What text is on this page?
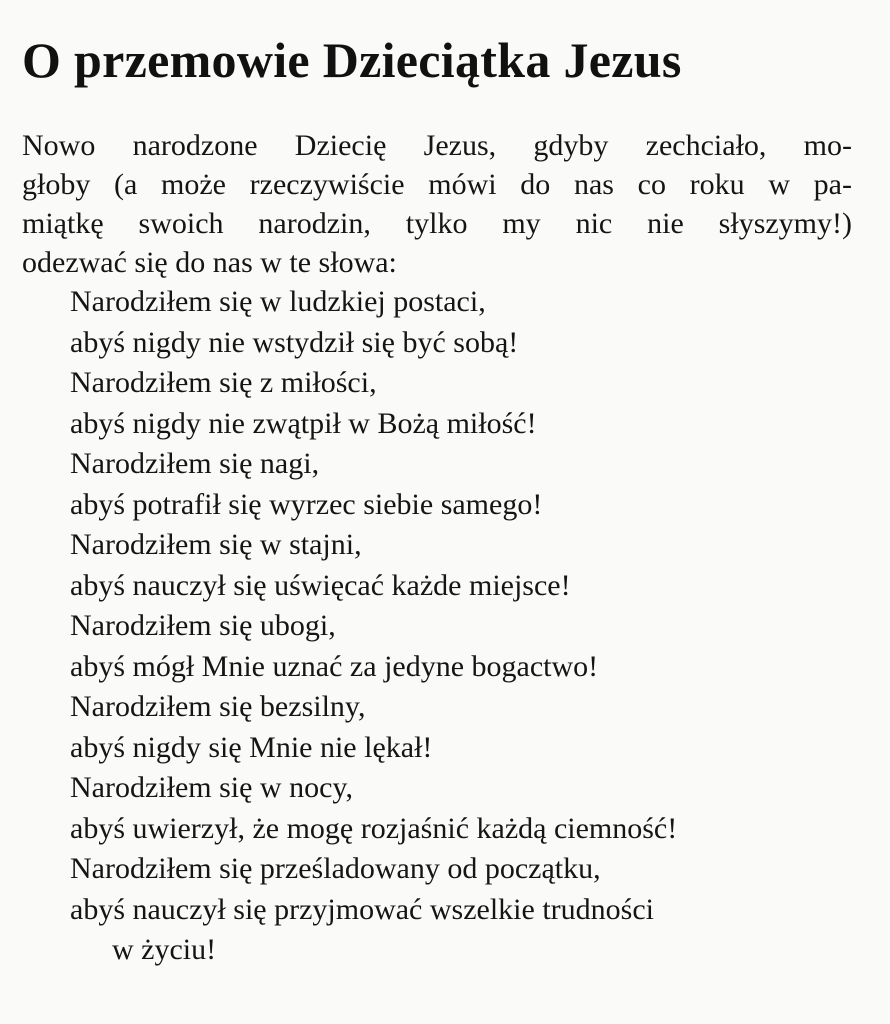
O przemowie Dzieciątka Jezus
Nowo narodzone Dziecię Jezus, gdyby zechciało, mo-
głoby (a może rzeczywiście mówi do nas co roku w pa-
miątkę swoich narodzin, tylko my nic nie słyszymy!)
odezwać się do nas w te słowa:
Narodziłem się w ludzkiej postaci,
abyś nigdy nie wstydził się być sobą!
Narodziłem się z miłości,
abyś nigdy nie zwątpił w Bożą miłość!
Narodziłem się nagi,
abyś potrafił się wyrzec siebie samego!
Narodziłem się w stajni,
abyś nauczył się uświęcać każde miejsce!
Narodziłem się ubogi,
abyś mógł Mnie uznać za jedyne bogactwo!
Narodziłem się bezsilny,
abyś nigdy się Mnie nie lękał!
Narodziłem się w nocy,
abyś uwierzył, że mogę rozjaśnić każdą ciemność!
Narodziłem się prześladowany od początku,
abyś nauczył się przyjmować wszelkie trudności
w życiu!
